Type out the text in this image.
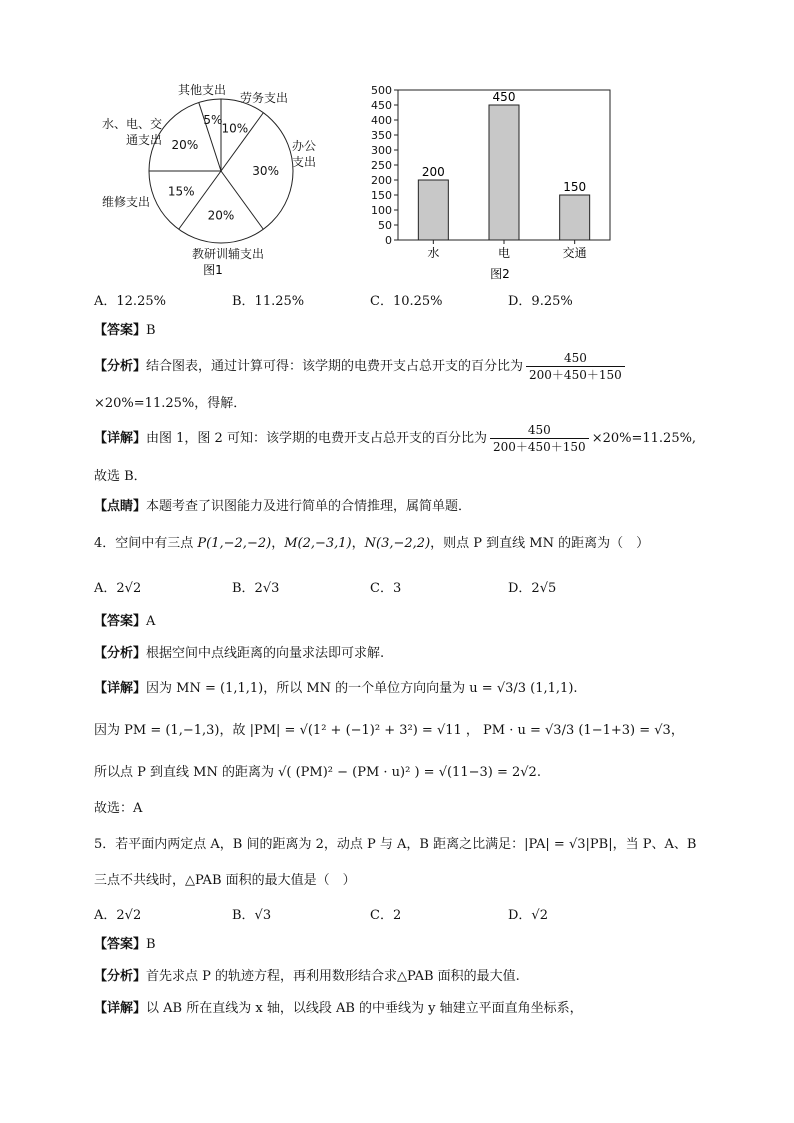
10%
劳务支出
30%
办公
支出
20%
教研训辅支出
15%
维修支出
20%
水、电、交
通支出
5%
其他支出
图1
500
450
400
350
300
250
200
150
100
50
0
200
水
450
电
150
交通
图2
A．12.25%	B．11.25%	C．10.25%	D．9.25%
【答案】B
【分析】结合图表，通过计算可得：该学期的电费开支占总开支的百分比为 $\frac{450}{200+450+150}$
×20%=11.25%，得解．
【详解】由图 1，图 2 可知：该学期的电费开支占总开支的百分比为 $\frac{450}{200+450+150} \times 20\%=11.25\%$,
故选 B．
【点睛】本题考查了识图能力及进行简单的合情推理，属简单题．
4．空间中有三点 P(1,−2,−2)，M(2,−3,1)，N(3,−2,2)，则点 P 到直线 MN 的距离为（　）
A．2√2	B．2√3	C．3	D．2√5
【答案】A
【分析】根据空间中点线距离的向量求法即可求解.
【详解】因为 MN = (1,1,1)，所以 MN 的一个单位方向向量为 u = √3/3 (1,1,1).
因为 PM = (1,−1,3)，故 |PM| = √(1² + (−1)² + 3²) = √11 ， PM · u = √3/3 (1−1+3) = √3，
所以点 P 到直线 MN 的距离为 √( (PM)² − (PM · u)² ) = √(11−3) = 2√2.
故选：A
5．若平面内两定点 A，B 间的距离为 2，动点 P 与 A，B 距离之比满足：|PA| = √3|PB|，当 P、A、B
三点不共线时，△PAB 面积的最大值是（　）
A．2√2	B．√3	C．2	D．√2
【答案】B
【分析】首先求点 P 的轨迹方程，再利用数形结合求△PAB 面积的最大值.
【详解】以 AB 所在直线为 x 轴，以线段 AB 的中垂线为 y 轴建立平面直角坐标系，
